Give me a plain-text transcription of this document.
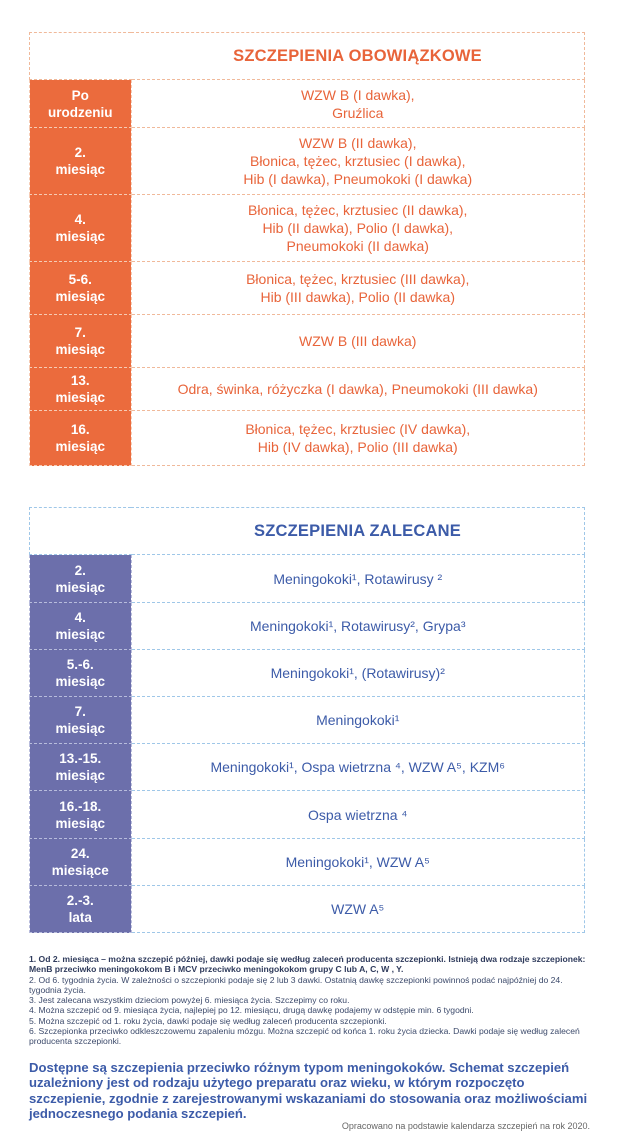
	SZCZEPIENIA OBOWIĄZKOWE
Po urodzeniu	WZW B (I dawka),
Gruźlica
2.
miesiąc	WZW B (II dawka),
Błonica, tężec, krztusiec (I dawka),
Hib (I dawka), Pneumokoki (I dawka)
4.
miesiąc	Błonica, tężec, krztusiec (II dawka),
Hib (II dawka), Polio (I dawka),
Pneumokoki (II dawka)
5-6.
miesiąc	Błonica, tężec, krztusiec (III dawka),
Hib (III dawka), Polio (II dawka)
7.
miesiąc	WZW B (III dawka)
13.
miesiąc	Odra, świnka, różyczka (I dawka), Pneumokoki (III dawka)
16.
miesiąc	Błonica, tężec, krztusiec (IV dawka),
Hib (IV dawka), Polio (III dawka)
	SZCZEPIENIA ZALECANE
2.
miesiąc	Meningokoki¹, Rotawirusy ²
4.
miesiąc	Meningokoki¹, Rotawirusy², Grypa³
5.-6.
miesiąc	Meningokoki¹, (Rotawirusy)²
7.
miesiąc	Meningokoki¹
13.-15.
miesiąc	Meningokoki¹, Ospa wietrzna ⁴, WZW A⁵, KZM⁶
16.-18.
miesiąc	Ospa wietrzna ⁴
24.
miesiące	Meningokoki¹, WZW A⁵
2.-3.
lata	WZW A⁵

1. Od 2. miesiąca – można szczepić później, dawki podaje się według zaleceń producenta szczepionki. Istnieją dwa rodzaje szczepionek: MenB przeciwko meningokokom B i MCV przeciwko meningokokom grupy C lub A, C, W , Y.

2. Od 6. tygodnia życia. W zależności o szczepionki podaje się 2 lub 3 dawki. Ostatnią dawkę szczepionki powinnoś podać najpóźniej do 24. tygodnia życia.

3. Jest zalecana wszystkim dzieciom powyżej 6. miesiąca życia. Szczepimy co roku.

4. Można szczepić od 9. miesiąca życia, najlepiej po 12. miesiącu, drugą dawkę podajemy w odstępie min. 6 tygodni.

5. Można szczepić od 1. roku życia, dawki podaje się według zaleceń producenta szczepionki.

6. Szczepionka przeciwko odkleszczowemu zapaleniu mózgu. Można szczepić od końca 1. roku życia dziecka. Dawki podaje się według zaleceń producenta szczepionki.

Dostępne są szczepienia przeciwko różnym typom meningokoków. Schemat szczepień uzależniony jest od rodzaju użytego preparatu oraz wieku, w którym rozpoczęto szczepienie, zgodnie z zarejestrowanymi wskazaniami do stosowania oraz możliwościami jednoczesnego podania szczepień.
Opracowano na podstawie kalendarza szczepień na rok 2020.
